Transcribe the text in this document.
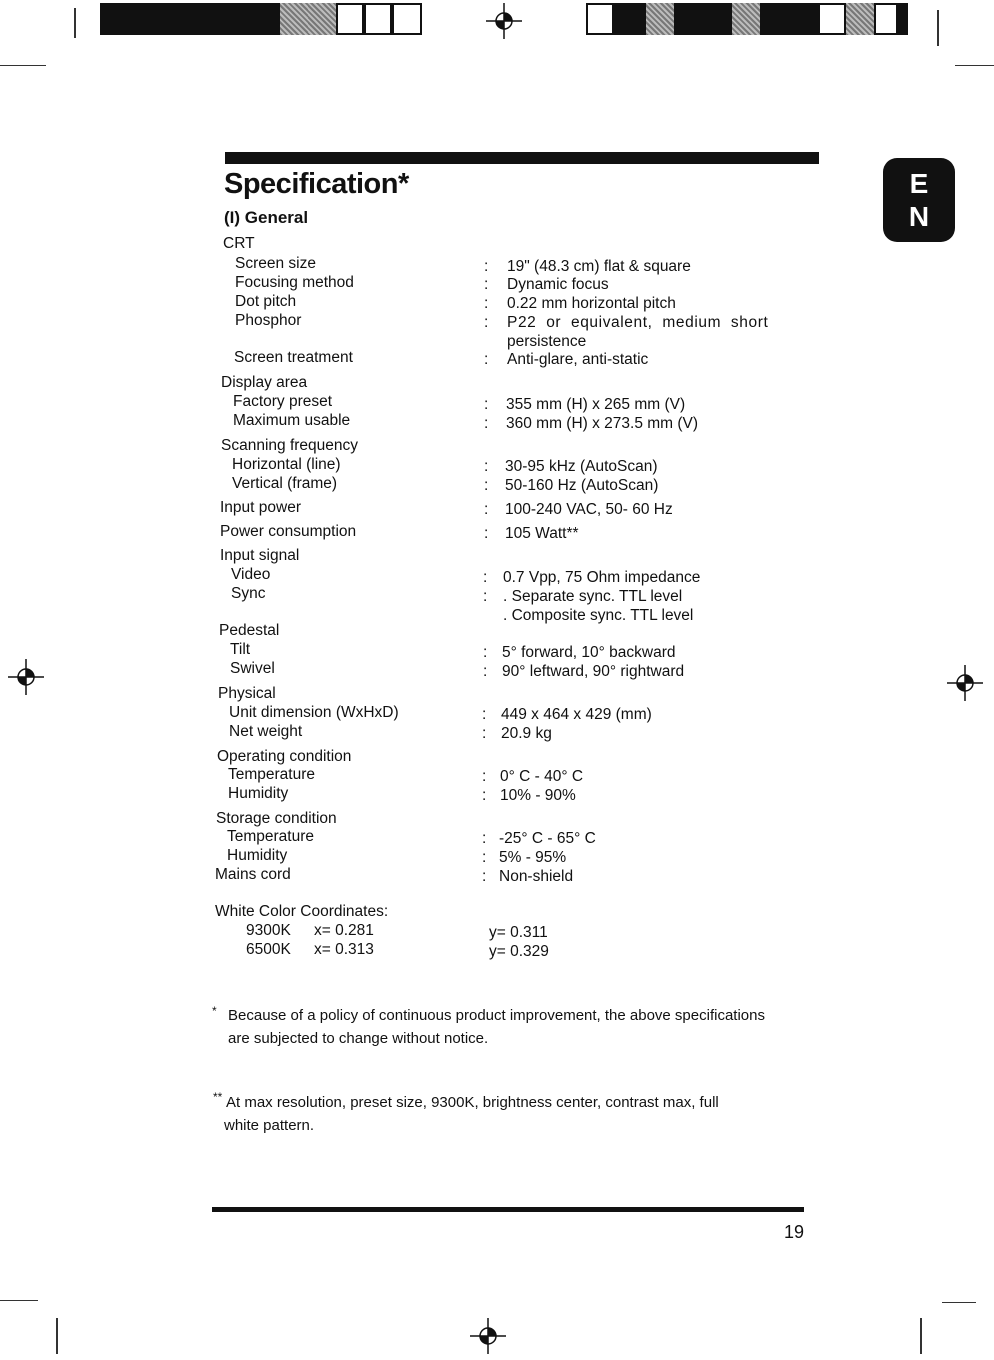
E
N
Specification*
(I) General
CRT
Screen size
Focusing method
Dot pitch
Phosphor
Screen treatment
Display area
Factory preset
Maximum usable
Scanning frequency
Horizontal (line)
Vertical (frame)
Input power
Power consumption
Input signal
Video
Sync
Pedestal
Tilt
Swivel
Physical
Unit dimension (WxHxD)
Net weight
Operating condition
Temperature
Humidity
Storage condition
Temperature
Humidity
Mains cord
:
:
:
:
:
:
:
:
:
:
:
:
:
:
:
:
:
:
:
:
:
:
19" (48.3 cm) flat & square
Dynamic focus
0.22 mm horizontal pitch
P22  or  equivalent,  medium  short
persistence
Anti-glare, anti-static
355 mm (H) x 265 mm (V)
360 mm (H) x 273.5 mm (V)
30-95 kHz (AutoScan)
50-160 Hz (AutoScan)
100-240 VAC, 50- 60 Hz
105 Watt**
0.7 Vpp, 75 Ohm impedance
. Separate sync. TTL level
. Composite sync. TTL level
5° forward, 10° backward
90° leftward, 90° rightward
449 x 464 x 429 (mm)
20.9 kg
0° C - 40° C
10% - 90%
-25° C - 65° C
5% - 95%
Non-shield
White Color Coordinates:
9300K x= 0.281	y= 0.311
6500K x= 0.313	y= 0.329
* Because of a policy of continuous product improvement, the above specifications
are subjected to change without notice.
** At max resolution, preset size, 9300K, brightness center, contrast max, full
white pattern.
19
